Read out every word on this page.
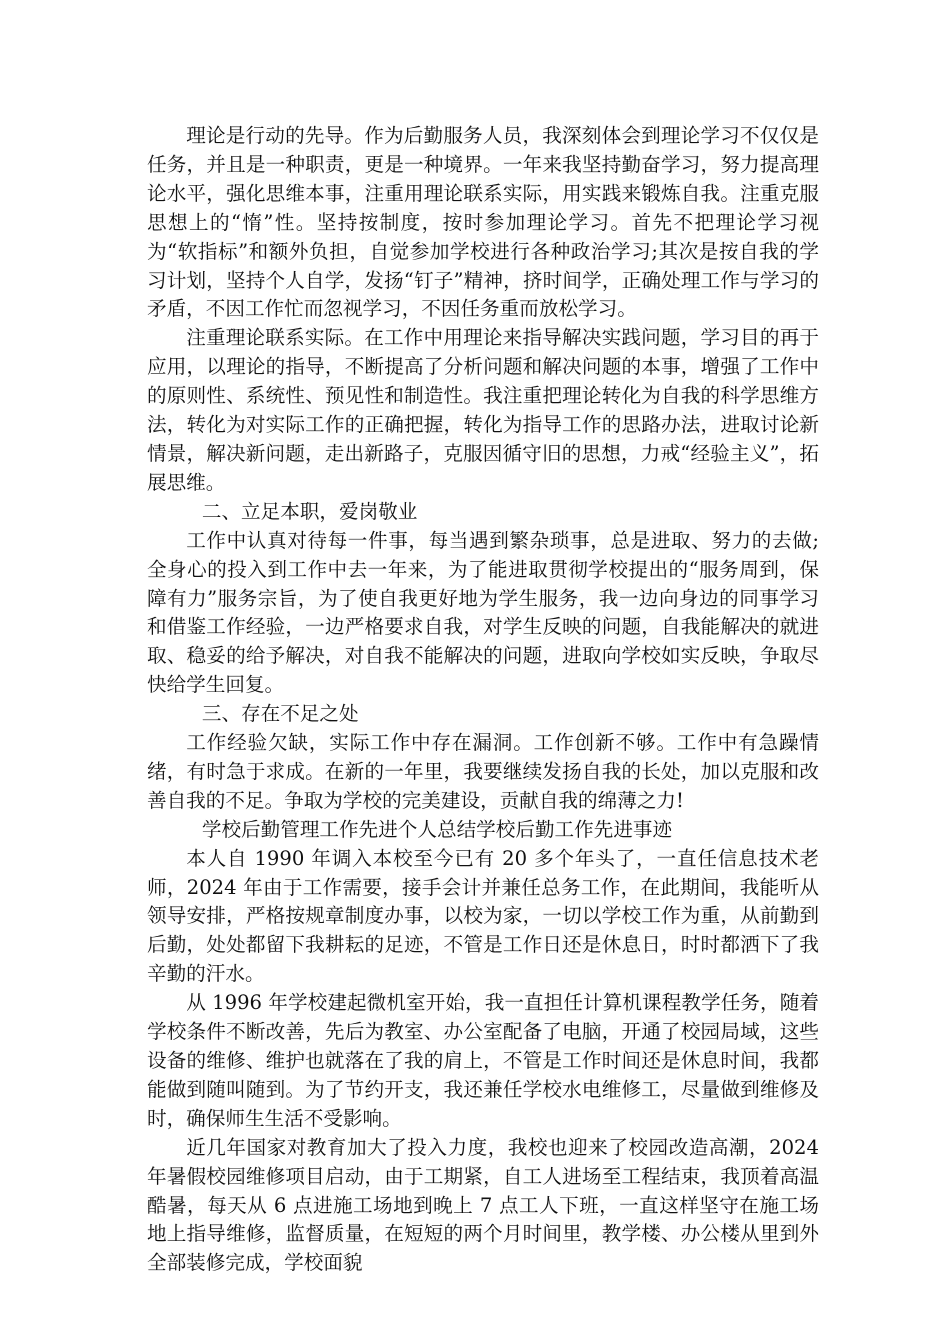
理论是行动的先导。作为后勤服务人员，我深刻体会到理论学习不仅仅是任务，并且是一种职责，更是一种境界。一年来我坚持勤奋学习，努力提高理论水平，强化思维本事，注重用理论联系实际，用实践来锻炼自我。注重克服思想上的“惰”性。坚持按制度，按时参加理论学习。首先不把理论学习视为“软指标”和额外负担，自觉参加学校进行各种政治学习;其次是按自我的学习计划，坚持个人自学，发扬“钉子”精神，挤时间学，正确处理工作与学习的矛盾，不因工作忙而忽视学习，不因任务重而放松学习。

注重理论联系实际。在工作中用理论来指导解决实践问题，学习目的再于应用，以理论的指导，不断提高了分析问题和解决问题的本事，增强了工作中的原则性、系统性、预见性和制造性。我注重把理论转化为自我的科学思维方法，转化为对实际工作的正确把握，转化为指导工作的思路办法，进取讨论新情景，解决新问题，走出新路子，克服因循守旧的思想，力戒“经验主义”，拓展思维。

二、立足本职，爱岗敬业

工作中认真对待每一件事，每当遇到繁杂琐事，总是进取、努力的去做;全身心的投入到工作中去一年来，为了能进取贯彻学校提出的“服务周到，保障有力”服务宗旨，为了使自我更好地为学生服务，我一边向身边的同事学习和借鉴工作经验，一边严格要求自我，对学生反映的问题，自我能解决的就进取、稳妥的给予解决，对自我不能解决的问题，进取向学校如实反映，争取尽快给学生回复。

三、存在不足之处

工作经验欠缺，实际工作中存在漏洞。工作创新不够。工作中有急躁情绪，有时急于求成。在新的一年里，我要继续发扬自我的长处，加以克服和改善自我的不足。争取为学校的完美建设，贡献自我的绵薄之力!

学校后勤管理工作先进个人总结学校后勤工作先进事迹

本人自 1990 年调入本校至今已有 20 多个年头了，一直任信息技术老师，2024 年由于工作需要，接手会计并兼任总务工作，在此期间，我能听从领导安排，严格按规章制度办事，以校为家，一切以学校工作为重，从前勤到后勤，处处都留下我耕耘的足迹，不管是工作日还是休息日，时时都洒下了我辛勤的汗水。

从 1996 年学校建起微机室开始，我一直担任计算机课程教学任务，随着学校条件不断改善，先后为教室、办公室配备了电脑，开通了校园局域，这些设备的维修、维护也就落在了我的肩上，不管是工作时间还是休息时间，我都能做到随叫随到。为了节约开支，我还兼任学校水电维修工，尽量做到维修及时，确保师生生活不受影响。

近几年国家对教育加大了投入力度，我校也迎来了校园改造高潮，2024 年暑假校园维修项目启动，由于工期紧，自工人进场至工程结束，我顶着高温酷暑，每天从 6 点进施工场地到晚上 7 点工人下班，一直这样坚守在施工场地上指导维修，监督质量，在短短的两个月时间里，教学楼、办公楼从里到外全部装修完成，学校面貌
